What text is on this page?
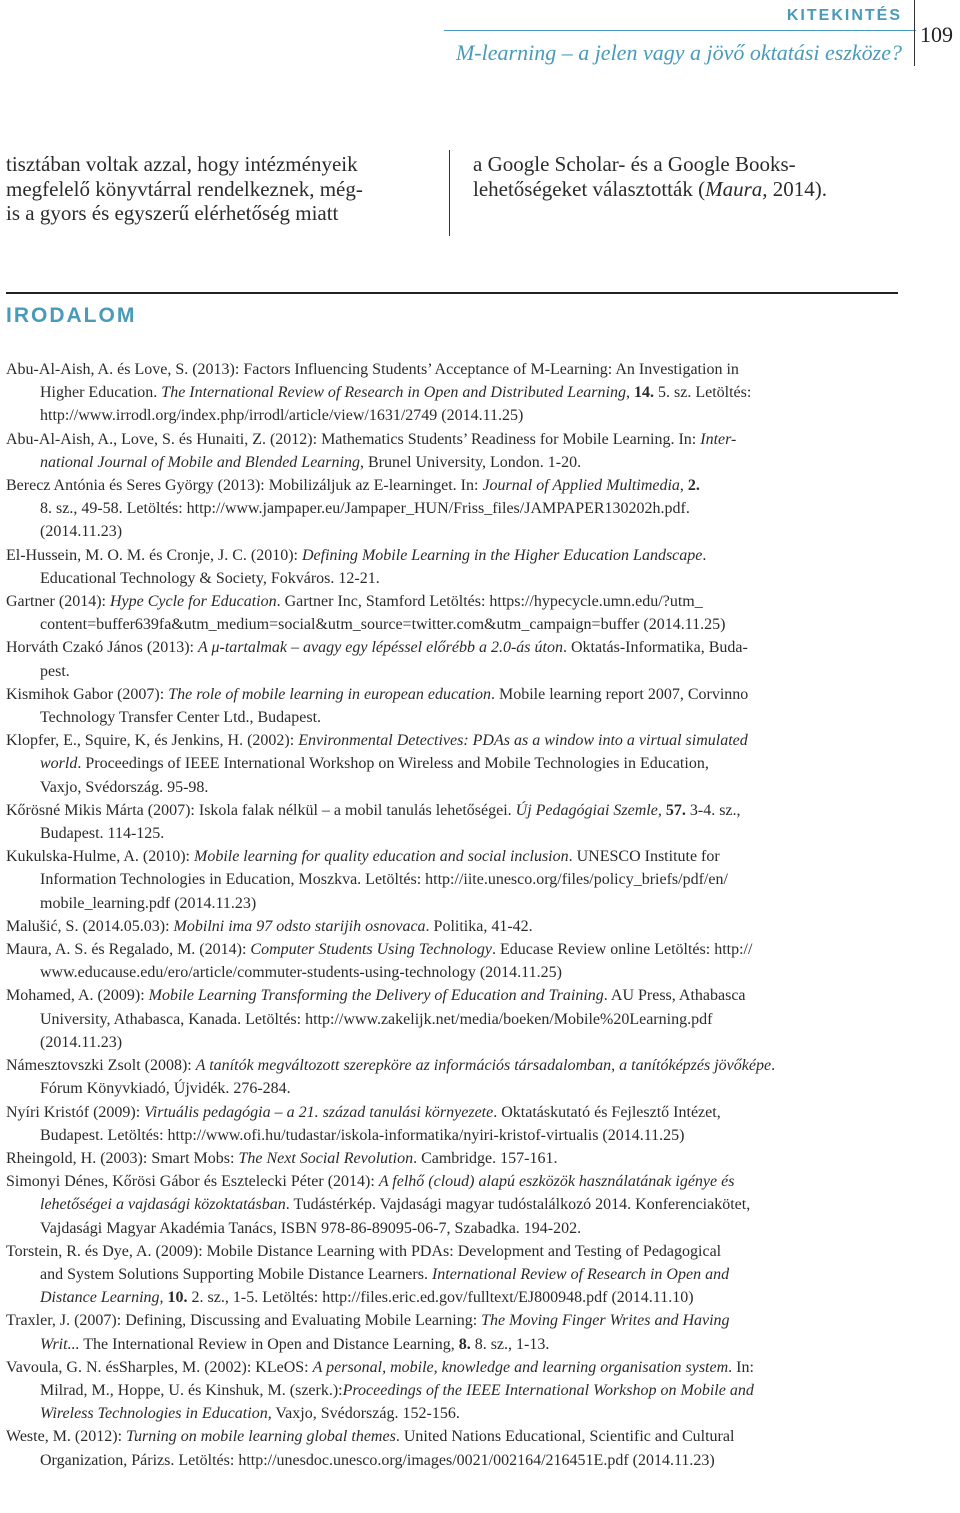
KITEKINTÉS
M-learning – a jelen vagy a jövő oktatási eszköze?
109
tisztában voltak azzal, hogy intézményeik
megfelelő könyvtárral rendelkeznek, még-
is a gyors és egyszerű elérhetőség miatt
a Google Scholar- és a Google Books-
lehetőségeket választották (Maura, 2014).
IRODALOM
Abu-Al-Aish, A. és Love, S. (2013): Factors Influencing Students’ Acceptance of M-Learning: An Investigation in
Higher Education. The International Review of Research in Open and Distributed Learning, 14. 5. sz. Letöltés:
http://www.irrodl.org/index.php/irrodl/article/view/1631/2749 (2014.11.25)
Abu-Al-Aish, A., Love, S. és Hunaiti, Z. (2012): Mathematics Students’ Readiness for Mobile Learning. In: Inter-
national Journal of Mobile and Blended Learning, Brunel University, London. 1-20.
Berecz Antónia és Seres György (2013): Mobilizáljuk az E-learninget. In: Journal of Applied Multimedia, 2.
8. sz., 49-58. Letöltés: http://www.jampaper.eu/Jampaper_HUN/Friss_files/JAMPAPER130202h.pdf.
(2014.11.23)
El-Hussein, M. O. M. és Cronje, J. C. (2010): Defining Mobile Learning in the Higher Education Landscape.
Educational Technology & Society, Fokváros. 12-21.
Gartner (2014): Hype Cycle for Education. Gartner Inc, Stamford Letöltés: https://hypecycle.umn.edu/?utm_
content=buffer639fa&utm_medium=social&utm_source=twitter.com&utm_campaign=buffer (2014.11.25)
Horváth Czakó János (2013): A μ-tartalmak – avagy egy lépéssel előrébb a 2.0-ás úton. Oktatás-Informatika, Buda-
pest.
Kismihok Gabor (2007): The role of mobile learning in european education. Mobile learning report 2007, Corvinno
Technology Transfer Center Ltd., Budapest.
Klopfer, E., Squire, K, és Jenkins, H. (2002): Environmental Detectives: PDAs as a window into a virtual simulated
world. Proceedings of IEEE International Workshop on Wireless and Mobile Technologies in Education,
Vaxjo, Svédország. 95-98.
Kőrösné Mikis Márta (2007): Iskola falak nélkül – a mobil tanulás lehetőségei. Új Pedagógiai Szemle, 57. 3-4. sz.,
Budapest. 114-125.
Kukulska-Hulme, A. (2010): Mobile learning for quality education and social inclusion. UNESCO Institute for
Information Technologies in Education, Moszkva. Letöltés: http://iite.unesco.org/files/policy_briefs/pdf/en/
mobile_learning.pdf (2014.11.23)
Malušić, S. (2014.05.03): Mobilni ima 97 odsto starijih osnovaca. Politika, 41-42.
Maura, A. S. és Regalado, M. (2014): Computer Students Using Technology. Educase Review online Letöltés: http://
www.educause.edu/ero/article/commuter-students-using-technology (2014.11.25)
Mohamed, A. (2009): Mobile Learning Transforming the Delivery of Education and Training. AU Press, Athabasca
University, Athabasca, Kanada. Letöltés: http://www.zakelijk.net/media/boeken/Mobile%20Learning.pdf
(2014.11.23)
Námesztovszki Zsolt (2008): A tanítók megváltozott szerepköre az információs társadalomban, a tanítóképzés jövőképe.
Fórum Könyvkiadó, Újvidék. 276-284.
Nyíri Kristóf (2009): Virtuális pedagógia – a 21. század tanulási környezete. Oktatáskutató és Fejlesztő Intézet,
Budapest. Letöltés: http://www.ofi.hu/tudastar/iskola-informatika/nyiri-kristof-virtualis (2014.11.25)
Rheingold, H. (2003): Smart Mobs: The Next Social Revolution. Cambridge. 157-161.
Simonyi Dénes, Kőrösi Gábor és Esztelecki Péter (2014): A felhő (cloud) alapú eszközök használatának igénye és
lehetőségei a vajdasági közoktatásban. Tudástérkép. Vajdasági magyar tudóstalálkozó 2014. Konferenciakötet,
Vajdasági Magyar Akadémia Tanács, ISBN 978-86-89095-06-7, Szabadka. 194-202.
Torstein, R. és Dye, A. (2009): Mobile Distance Learning with PDAs: Development and Testing of Pedagogical
and System Solutions Supporting Mobile Distance Learners. International Review of Research in Open and
Distance Learning, 10. 2. sz., 1-5. Letöltés: http://files.eric.ed.gov/fulltext/EJ800948.pdf (2014.11.10)
Traxler, J. (2007): Defining, Discussing and Evaluating Mobile Learning: The Moving Finger Writes and Having
Writ... The International Review in Open and Distance Learning, 8. 8. sz., 1-13.
Vavoula, G. N. ésSharples, M. (2002): KLeOS: A personal, mobile, knowledge and learning organisation system. In:
Milrad, M., Hoppe, U. és Kinshuk, M. (szerk.):Proceedings of the IEEE International Workshop on Mobile and
Wireless Technologies in Education, Vaxjo, Svédország. 152-156.
Weste, M. (2012): Turning on mobile learning global themes. United Nations Educational, Scientific and Cultural
Organization, Párizs. Letöltés: http://unesdoc.unesco.org/images/0021/002164/216451E.pdf (2014.11.23)
